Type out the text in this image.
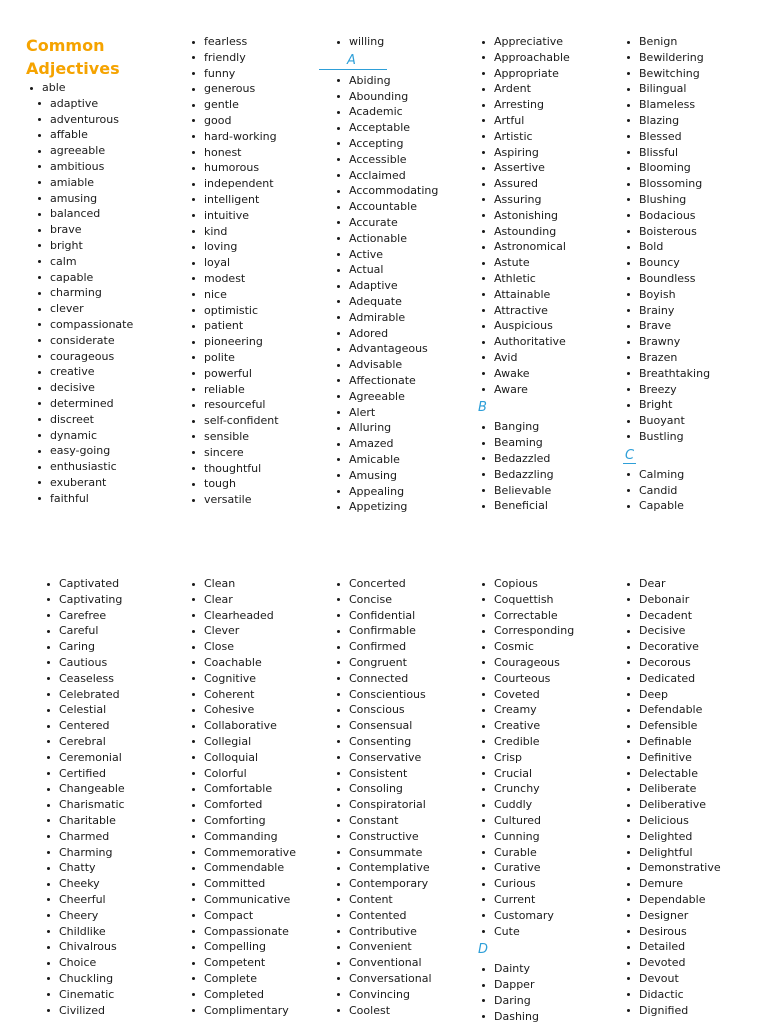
Common Adjectives
able
adaptive
adventurous
affable
agreeable
ambitious
amiable
amusing
balanced
brave
bright
calm
capable
charming
clever
compassionate
considerate
courageous
creative
decisive
determined
discreet
dynamic
easy-going
enthusiastic
exuberant
faithful
fearless
friendly
funny
generous
gentle
good
hard-working
honest
humorous
independent
intelligent
intuitive
kind
loving
loyal
modest
nice
optimistic
patient
pioneering
polite
powerful
reliable
resourceful
self-confident
sensible
sincere
thoughtful
tough
versatile
willing
A
Abiding
Abounding
Academic
Acceptable
Accepting
Accessible
Acclaimed
Accommodating
Accountable
Accurate
Actionable
Active
Actual
Adaptive
Adequate
Admirable
Adored
Advantageous
Advisable
Affectionate
Agreeable
Alert
Alluring
Amazed
Amicable
Amusing
Appealing
Appetizing
Appreciative
Approachable
Appropriate
Ardent
Arresting
Artful
Artistic
Aspiring
Assertive
Assured
Assuring
Astonishing
Astounding
Astronomical
Astute
Athletic
Attainable
Attractive
Auspicious
Authoritative
Avid
Awake
Aware
B
Banging
Beaming
Bedazzled
Bedazzling
Believable
Beneficial
Benign
Bewildering
Bewitching
Bilingual
Blameless
Blazing
Blessed
Blissful
Blooming
Blossoming
Blushing
Bodacious
Boisterous
Bold
Bouncy
Boundless
Boyish
Brainy
Brave
Brawny
Brazen
Breathtaking
Breezy
Bright
Buoyant
Bustling
C
Calming
Candid
Capable
Captivated
Captivating
Carefree
Careful
Caring
Cautious
Ceaseless
Celebrated
Celestial
Centered
Cerebral
Ceremonial
Certified
Changeable
Charismatic
Charitable
Charmed
Charming
Chatty
Cheeky
Cheerful
Cheery
Childlike
Chivalrous
Choice
Chuckling
Cinematic
Civilized
Clean
Clear
Clearheaded
Clever
Close
Coachable
Cognitive
Coherent
Cohesive
Collaborative
Collegial
Colloquial
Colorful
Comfortable
Comforted
Comforting
Commanding
Commemorative
Commendable
Committed
Communicative
Compact
Compassionate
Compelling
Competent
Complete
Completed
Complimentary
Concerted
Concise
Confidential
Confirmable
Confirmed
Congruent
Connected
Conscientious
Conscious
Consensual
Consenting
Conservative
Consistent
Consoling
Conspiratorial
Constant
Constructive
Consummate
Contemplative
Contemporary
Content
Contented
Contributive
Convenient
Conventional
Conversational
Convincing
Coolest
Copious
Coquettish
Correctable
Corresponding
Cosmic
Courageous
Courteous
Coveted
Creamy
Creative
Credible
Crisp
Crucial
Crunchy
Cuddly
Cultured
Cunning
Curable
Curative
Curious
Current
Customary
Cute
D
Dainty
Dapper
Daring
Dashing
Dear
Debonair
Decadent
Decisive
Decorative
Decorous
Dedicated
Deep
Defendable
Defensible
Definable
Definitive
Delectable
Deliberate
Deliberative
Delicious
Delighted
Delightful
Demonstrative
Demure
Dependable
Designer
Desirous
Detailed
Devoted
Devout
Didactic
Dignified
